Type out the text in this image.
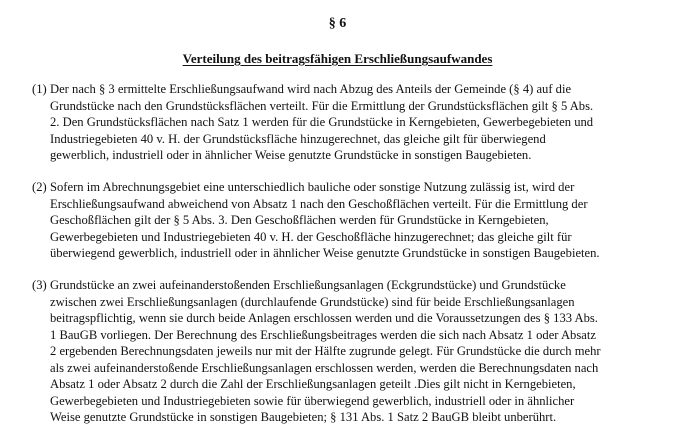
§ 6
Verteilung des beitragsfähigen Erschließungsaufwandes
(1) Der nach § 3 ermittelte Erschließungsaufwand wird nach Abzug des Anteils der Gemeinde (§ 4) auf die
Grundstücke nach den Grundstücksflächen verteilt. Für die Ermittlung der Grundstücksflächen gilt § 5 Abs.
2. Den Grundstücksflächen nach Satz 1 werden für die Grundstücke in Kerngebieten, Gewerbegebieten und
Industriegebieten 40 v. H. der Grundstücksfläche hinzugerechnet, das gleiche gilt für überwiegend
gewerblich, industriell oder in ähnlicher Weise genutzte Grundstücke in sonstigen Baugebieten.
(2) Sofern im Abrechnungsgebiet eine unterschiedlich bauliche oder sonstige Nutzung zulässig ist, wird der
Erschließungsaufwand abweichend von Absatz 1 nach den Geschoßflächen verteilt. Für die Ermittlung der
Geschoßflächen gilt der § 5 Abs. 3. Den Geschoßflächen werden für Grundstücke in Kerngebieten,
Gewerbegebieten und Industriegebieten 40 v. H. der Geschoßfläche hinzugerechnet; das gleiche gilt für
überwiegend gewerblich, industriell oder in ähnlicher Weise genutzte Grundstücke in sonstigen Baugebieten.
(3) Grundstücke an zwei aufeinanderstoßenden Erschließungsanlagen (Eckgrundstücke) und Grundstücke
zwischen zwei Erschließungsanlagen (durchlaufende Grundstücke) sind für beide Erschließungsanlagen
beitragspflichtig, wenn sie durch beide Anlagen erschlossen werden und die Voraussetzungen des § 133 Abs.
1 BauGB vorliegen. Der Berechnung des Erschließungsbeitrages werden die sich nach Absatz 1 oder Absatz
2 ergebenden Berechnungsdaten jeweils nur mit der Hälfte zugrunde gelegt. Für Grundstücke die durch mehr
als zwei aufeinanderstoßende Erschließungsanlagen erschlossen werden, werden die Berechnungsdaten nach
Absatz 1 oder Absatz 2 durch die Zahl der Erschließungsanlagen geteilt .Dies gilt nicht in Kerngebieten,
Gewerbegebieten und Industriegebieten sowie für überwiegend gewerblich, industriell oder in ähnlicher
Weise genutzte Grundstücke in sonstigen Baugebieten; § 131 Abs. 1 Satz 2 BauGB bleibt unberührt.
